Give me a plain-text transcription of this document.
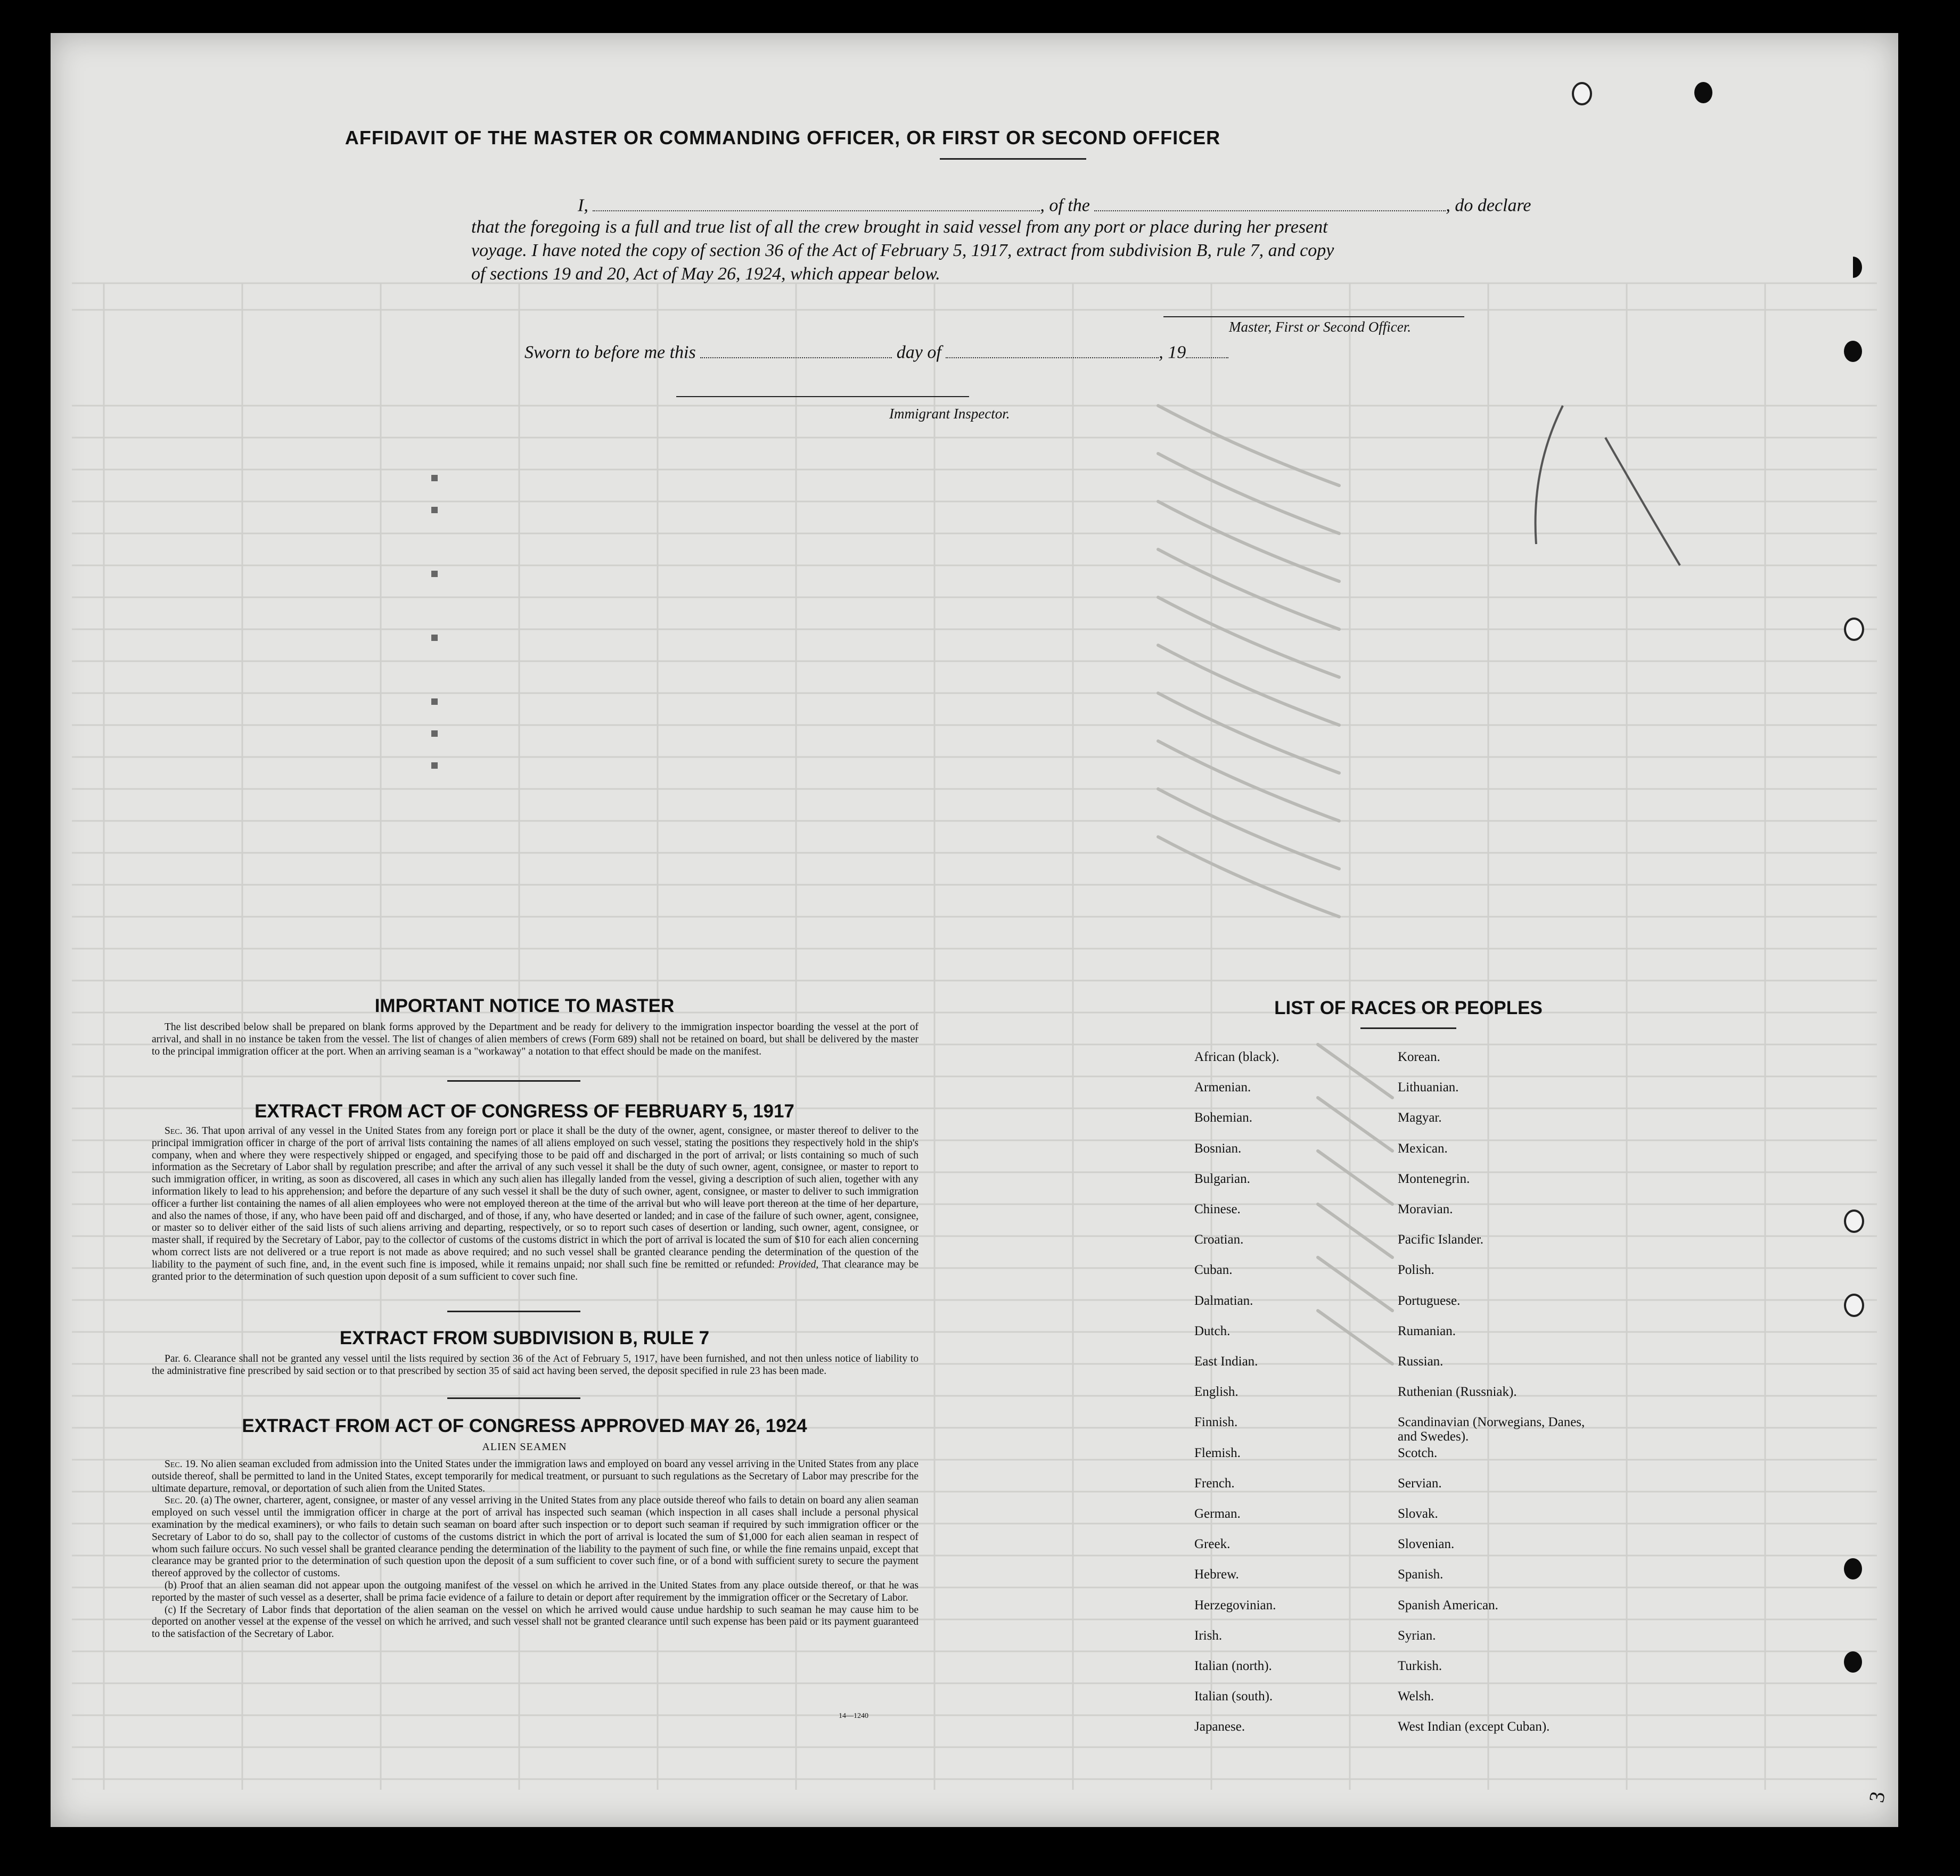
AFFIDAVIT OF THE MASTER OR COMMANDING OFFICER, OR FIRST OR SECOND OFFICER
I,	, of the	, do declare
that the foregoing is a full and true list of all the crew brought in said vessel from any port or place during her present
voyage. I have noted the copy of section 36 of the Act of February 5, 1917, extract from subdivision B, rule 7, and copy
of sections 19 and 20, Act of May 26, 1924, which appear below.
Master, First or Second Officer.
Sworn to before me this	day of	, 19
Immigrant Inspector.
IMPORTANT NOTICE TO MASTER

The list described below shall be prepared on blank forms approved by the Department and be ready for delivery to the immigration inspector boarding the vessel at the port of arrival, and shall in no instance be taken from the vessel. The list of changes of alien members of crews (Form 689) shall not be retained on board, but shall be delivered by the master to the principal immigration officer at the port. When an arriving seaman is a "workaway" a notation to that effect should be made on the manifest.

EXTRACT FROM ACT OF CONGRESS OF FEBRUARY 5, 1917

Sec. 36. That upon arrival of any vessel in the United States from any foreign port or place it shall be the duty of the owner, agent, consignee, or master thereof to deliver to the principal immigration officer in charge of the port of arrival lists containing the names of all aliens employed on such vessel, stating the positions they respectively hold in the ship's company, when and where they were respectively shipped or engaged, and specifying those to be paid off and discharged in the port of arrival; or lists containing so much of such information as the Secretary of Labor shall by regulation prescribe; and after the arrival of any such vessel it shall be the duty of such owner, agent, consignee, or master to report to such immigration officer, in writing, as soon as discovered, all cases in which any such alien has illegally landed from the vessel, giving a description of such alien, together with any information likely to lead to his apprehension; and before the departure of any such vessel it shall be the duty of such owner, agent, consignee, or master to deliver to such immigration officer a further list containing the names of all alien employees who were not employed thereon at the time of the arrival but who will leave port thereon at the time of her departure, and also the names of those, if any, who have been paid off and discharged, and of those, if any, who have deserted or landed; and in case of the failure of such owner, agent, consignee, or master so to deliver either of the said lists of such aliens arriving and departing, respectively, or so to report such cases of desertion or landing, such owner, agent, consignee, or master shall, if required by the Secretary of Labor, pay to the collector of customs of the customs district in which the port of arrival is located the sum of $10 for each alien concerning whom correct lists are not delivered or a true report is not made as above required; and no such vessel shall be granted clearance pending the determination of the question of the liability to the payment of such fine, and, in the event such fine is imposed, while it remains unpaid; nor shall such fine be remitted or refunded: Provided, That clearance may be granted prior to the determination of such question upon deposit of a sum sufficient to cover such fine.

EXTRACT FROM SUBDIVISION B, RULE 7

Par. 6. Clearance shall not be granted any vessel until the lists required by section 36 of the Act of February 5, 1917, have been furnished, and not then unless notice of liability to the administrative fine prescribed by said section or to that prescribed by section 35 of said act having been served, the deposit specified in rule 23 has been made.

EXTRACT FROM ACT OF CONGRESS APPROVED MAY 26, 1924
ALIEN SEAMEN

Sec. 19. No alien seaman excluded from admission into the United States under the immigration laws and employed on board any vessel arriving in the United States from any place outside thereof, shall be permitted to land in the United States, except temporarily for medical treatment, or pursuant to such regulations as the Secretary of Labor may prescribe for the ultimate departure, removal, or deportation of such alien from the United States.

Sec. 20. (a) The owner, charterer, agent, consignee, or master of any vessel arriving in the United States from any place outside thereof who fails to detain on board any alien seaman employed on such vessel until the immigration officer in charge at the port of arrival has inspected such seaman (which inspection in all cases shall include a personal physical examination by the medical examiners), or who fails to detain such seaman on board after such inspection or to deport such seaman if required by such immigration officer or the Secretary of Labor to do so, shall pay to the collector of customs of the customs district in which the port of arrival is located the sum of $1,000 for each alien seaman in respect of whom such failure occurs. No such vessel shall be granted clearance pending the determination of the liability to the payment of such fine, or while the fine remains unpaid, except that clearance may be granted prior to the determination of such question upon the deposit of a sum sufficient to cover such fine, or of a bond with sufficient surety to secure the payment thereof approved by the collector of customs.

(b) Proof that an alien seaman did not appear upon the outgoing manifest of the vessel on which he arrived in the United States from any place outside thereof, or that he was reported by the master of such vessel as a deserter, shall be prima facie evidence of a failure to detain or deport after requirement by the immigration officer or the Secretary of Labor.

(c) If the Secretary of Labor finds that deportation of the alien seaman on the vessel on which he arrived would cause undue hardship to such seaman he may cause him to be deported on another vessel at the expense of the vessel on which he arrived, and such vessel shall not be granted clearance until such expense has been paid or its payment guaranteed to the satisfaction of the Secretary of Labor.

14—1240
LIST OF RACES OR PEOPLES
3
African (black).
Armenian.
Bohemian.
Bosnian.
Bulgarian.
Chinese.
Croatian.
Cuban.
Dalmatian.
Dutch.
East Indian.
English.
Finnish.
Flemish.
French.
German.
Greek.
Hebrew.
Herzegovinian.
Irish.
Italian (north).
Italian (south).
Japanese.
Korean.
Lithuanian.
Magyar.
Mexican.
Montenegrin.
Moravian.
Pacific Islander.
Polish.
Portuguese.
Rumanian.
Russian.
Ruthenian (Russniak).
Scandinavian (Norwegians, Danes, and Swedes).
Scotch.
Servian.
Slovak.
Slovenian.
Spanish.
Spanish American.
Syrian.
Turkish.
Welsh.
West Indian (except Cuban).
